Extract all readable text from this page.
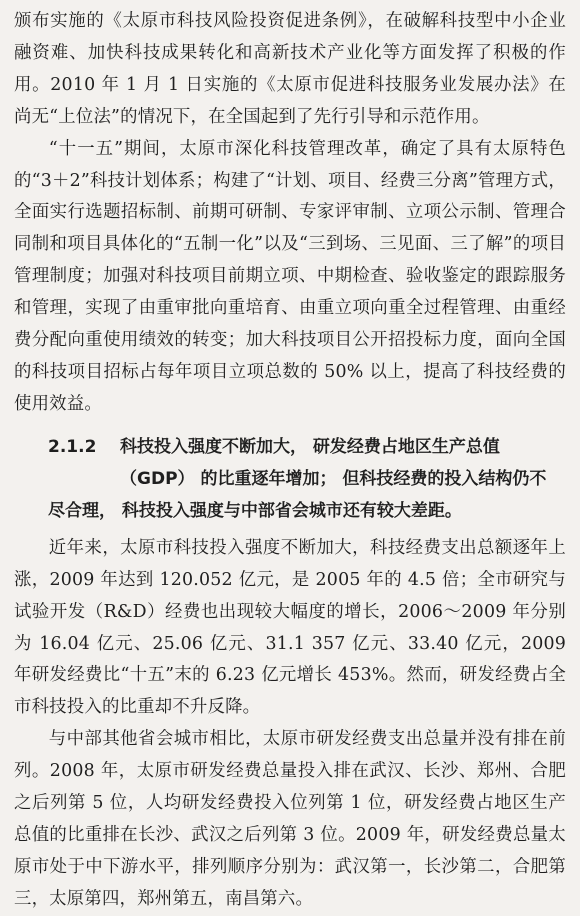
颁布实施的《太原市科技风险投资促进条例》，在破解科技型中小企业融资难、加快科技成果转化和高新技术产业化等方面发挥了积极的作用。2010 年 1 月 1 日实施的《太原市促进科技服务业发展办法》在尚无“上位法”的情况下，在全国起到了先行引导和示范作用。

“十一五”期间，太原市深化科技管理改革，确定了具有太原特色的“3＋2”科技计划体系；构建了“计划、项目、经费三分离”管理方式，全面实行选题招标制、前期可研制、专家评审制、立项公示制、管理合同制和项目具体化的“五制一化”以及“三到场、三见面、三了解”的项目管理制度；加强对科技项目前期立项、中期检查、验收鉴定的跟踪服务和管理，实现了由重审批向重培育、由重立项向重全过程管理、由重经费分配向重使用绩效的转变；加大科技项目公开招投标力度，面向全国的科技项目招标占每年项目立项总数的 50% 以上，提高了科技经费的使用效益。

2.1.2 科技投入强度不断加大， 研发经费占地区生产总值
（GDP） 的比重逐年增加； 但科技经费的投入结构仍不
尽合理， 科技投入强度与中部省会城市还有较大差距。

近年来，太原市科技投入强度不断加大，科技经费支出总额逐年上涨，2009 年达到 120.052 亿元，是 2005 年的 4.5 倍；全市研究与试验开发（R&D）经费也出现较大幅度的增长，2006～2009 年分别为 16.04 亿元、25.06 亿元、31.1 357 亿元、33.40 亿元，2009 年研发经费比“十五”末的 6.23 亿元增长 453%。然而，研发经费占全市科技投入的比重却不升反降。

与中部其他省会城市相比，太原市研发经费支出总量并没有排在前列。2008 年，太原市研发经费总量投入排在武汉、长沙、郑州、合肥之后列第 5 位，人均研发经费投入位列第 1 位，研发经费占地区生产总值的比重排在长沙、武汉之后列第 3 位。2009 年，研发经费总量太原市处于中下游水平，排列顺序分别为：武汉第一，长沙第二，合肥第三，太原第四，郑州第五，南昌第六。
